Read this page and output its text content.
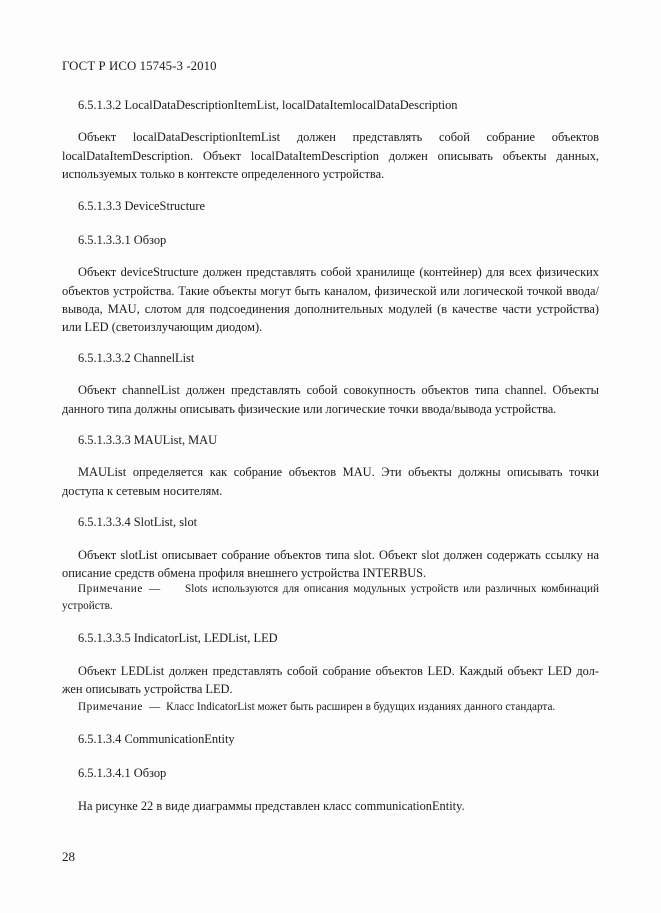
ГОСТ Р ИСО 15745-3 -2010
6.5.1.3.2 LocalDataDescriptionItemList, localDataItemlocalDataDescription
Объект localDataDescriptionItemList должен представлять собой собрание объектов
localDataItemDescription. Объект localDataItemDescription должен описывать объекты данных,
используемых только в контексте определенного устройства.
6.5.1.3.3 DeviceStructure
6.5.1.3.3.1 Обзор
Объект deviceStructure должен представлять собой хранилище (контейнер) для всех физических
объектов устройства. Такие объекты могут быть каналом, физической или логической точкой ввода/
вывода, MAU, слотом для подсоединения дополнительных модулей (в качестве части устройства)
или LED (светоизлучающим диодом).
6.5.1.3.3.2 ChannelList
Объект channelList должен представлять собой совокупность объектов типа channel. Объекты
данного типа должны описывать физические или логические точки ввода/вывода устройства.
6.5.1.3.3.3 MAUList, MAU
MAUList определяется как собрание объектов MAU. Эти объекты должны описывать точки
доступа к сетевым носителям.
6.5.1.3.3.4 SlotList, slot
Объект slotList описывает собрание объектов типа slot. Объект slot должен содержать ссылку на
описание средств обмена профиля внешнего устройства INTERBUS.
Примечание — Slots используются для описания модульных устройств или различных комбинаций
устройств.
6.5.1.3.3.5 IndicatorList, LEDList, LED
Объект LEDList должен представлять собой собрание объектов LED. Каждый объект LED дол-
жен описывать устройства LED.
Примечание — Класс IndicatorList может быть расширен в будущих изданиях данного стандарта.
6.5.1.3.4 CommunicationEntity
6.5.1.3.4.1 Обзор
На рисунке 22 в виде диаграммы представлен класс communicationEntity.
28
